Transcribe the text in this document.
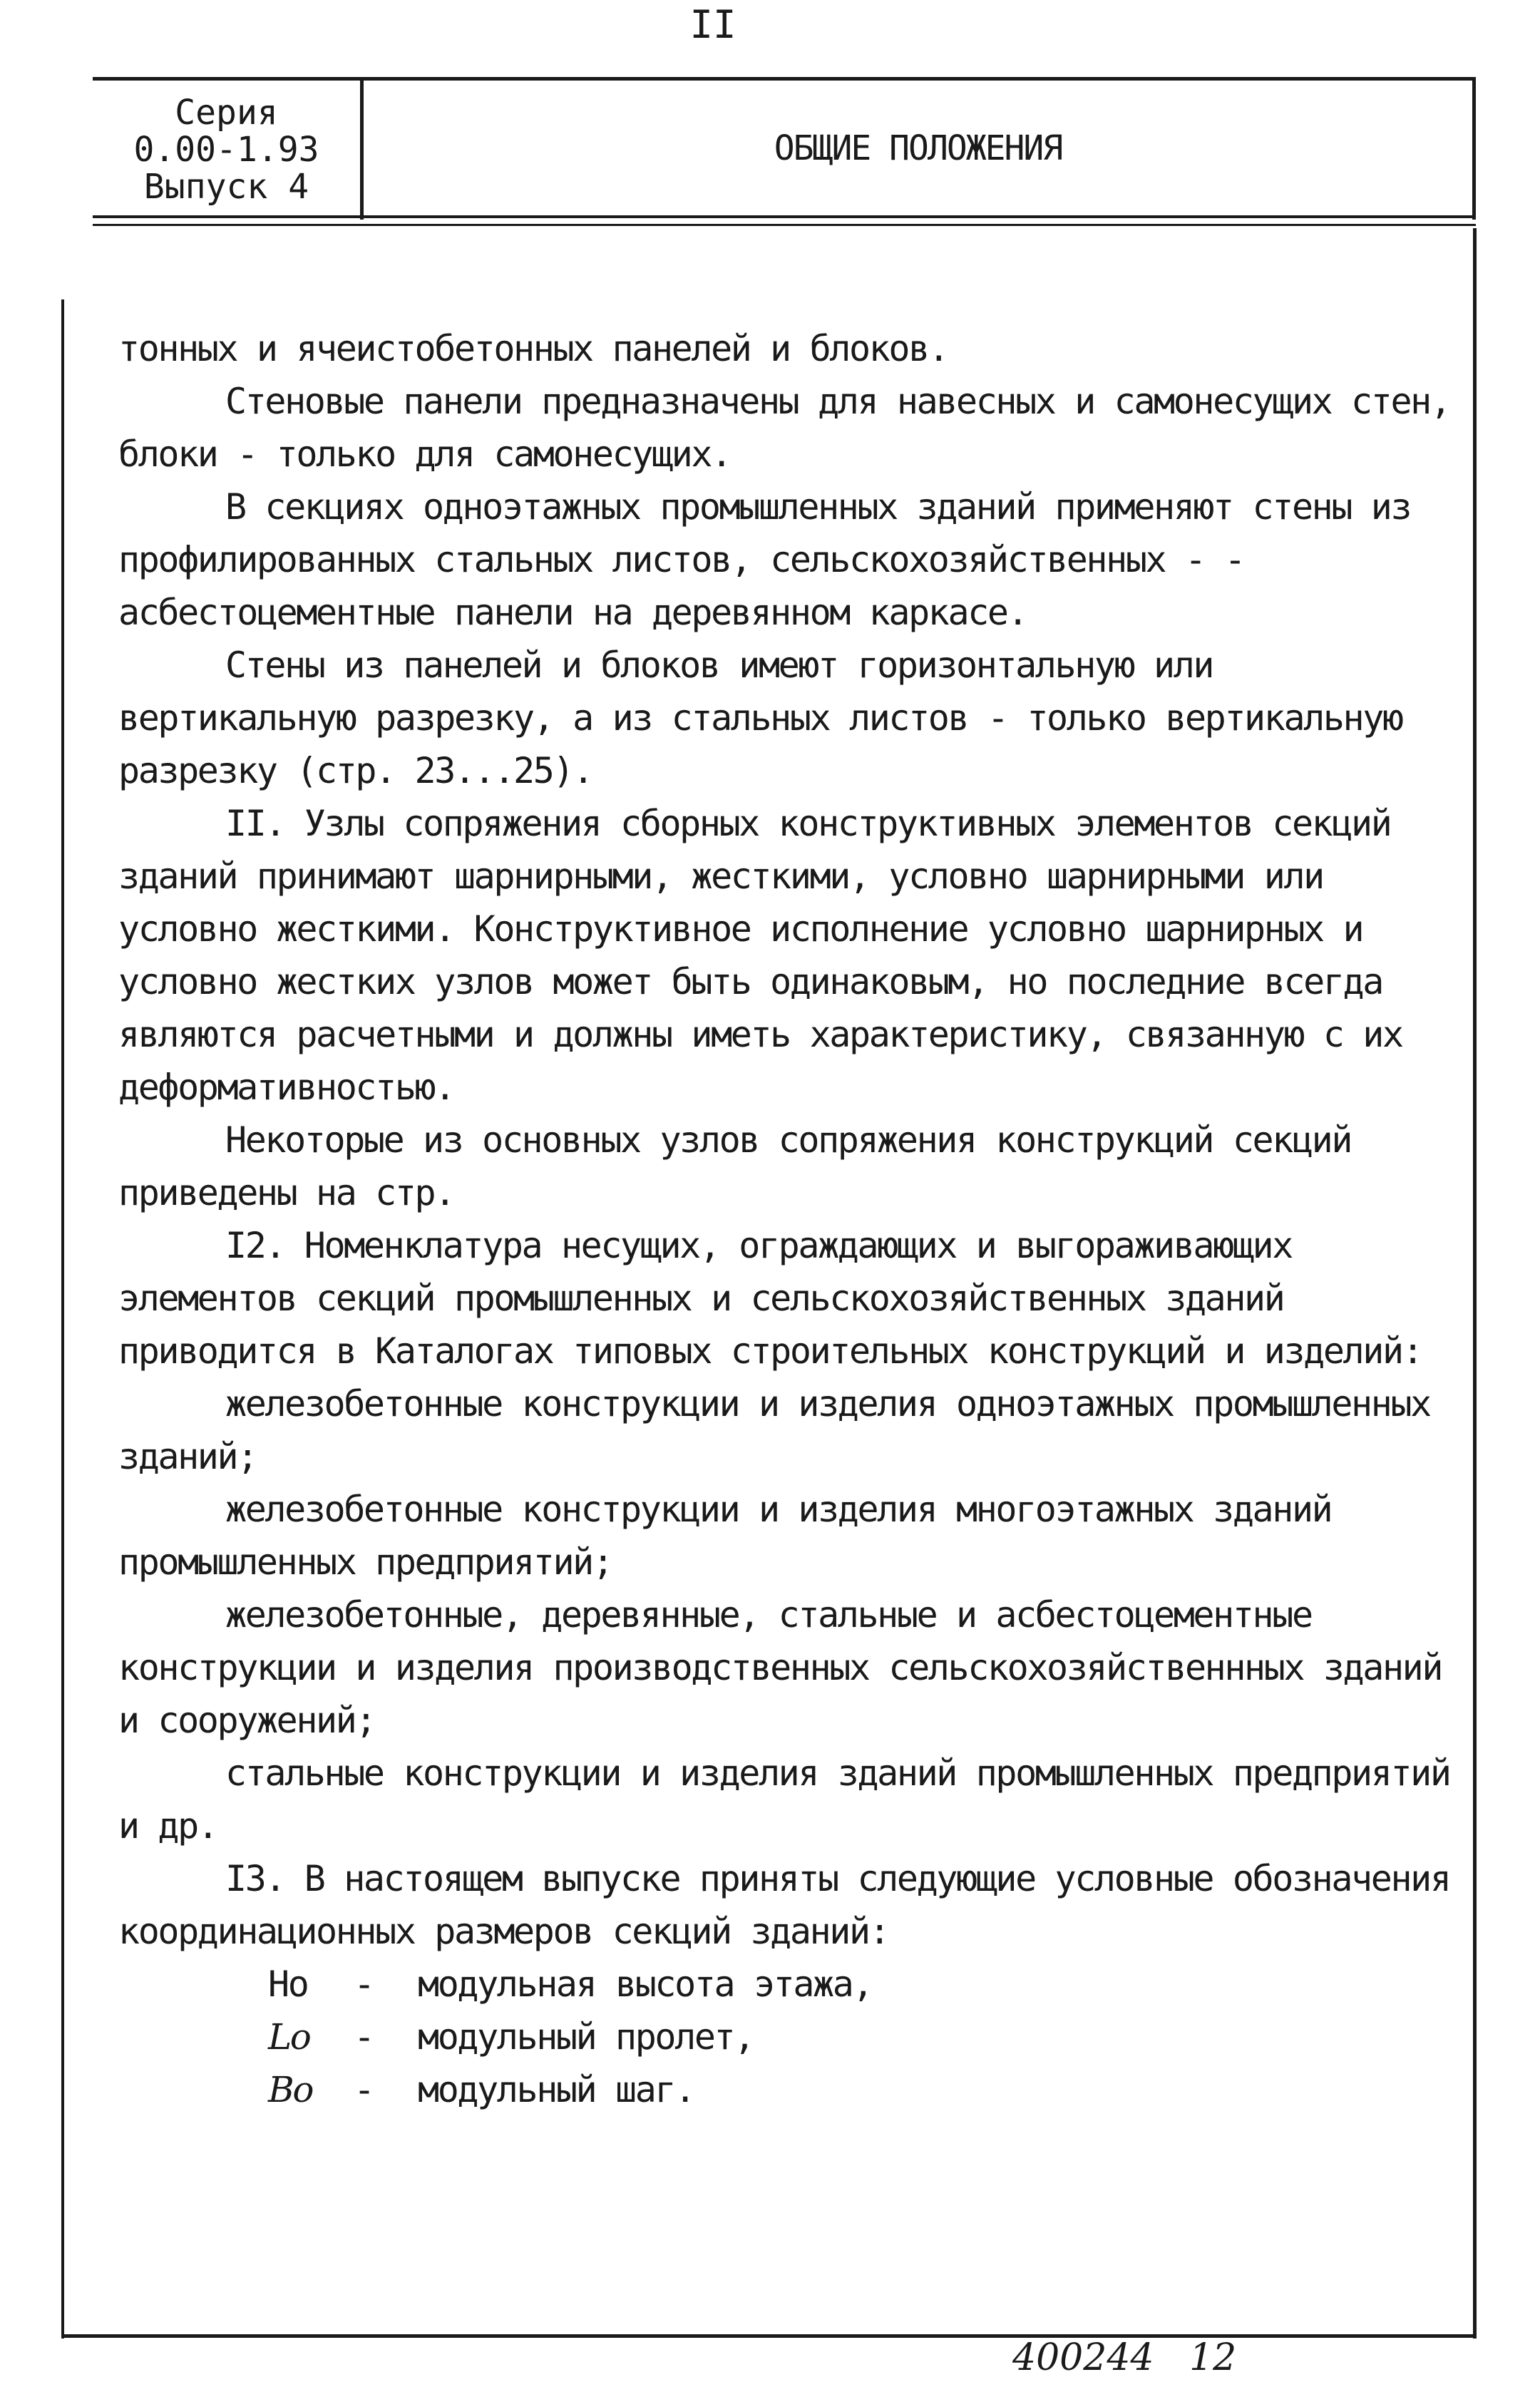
II
Серия
0.00-1.93
Выпуск 4
ОБЩИЕ ПОЛОЖЕНИЯ

тонных и ячеистобетонных панелей и блоков.

Стеновые панели предназначены для навесных и самонесущих стен, блоки - только для самонесущих.

В секциях одноэтажных промышленных зданий применяют стены из профилированных стальных листов, сельскохозяйственных - - асбестоцементные панели на деревянном каркасе.

Стены из панелей и блоков имеют горизонтальную или вертикальную разрезку, а из стальных листов - только вертикальную разрезку (стр. 23...25).

II. Узлы сопряжения сборных конструктивных элементов секций зданий принимают шарнирными, жесткими, условно шарнирными или условно жесткими. Конструктивное исполнение условно шарнирных и условно жестких узлов может быть одинаковым, но последние всегда являются расчетными и должны иметь характеристику, связанную с их деформативностью.

Некоторые из основных узлов сопряжения конструкций секций приведены на стр.

I2. Номенклатура несущих, ограждающих и выгораживающих элементов секций промышленных и сельскохозяйственных зданий приводится в Каталогах типовых строительных конструкций и изделий:

железобетонные конструкции и изделия одноэтажных промышленных зданий;

железобетонные конструкции и изделия многоэтажных зданий промышленных предприятий;

железобетонные, деревянные, стальные и асбестоцементные конструкции и изделия производственных сельскохозяйственнных зданий и сооружений;

стальные конструкции и изделия зданий промышленных предприятий и др.

I3. В настоящем выпуске приняты следующие условные обозначения координационных размеров секций зданий:

Но - модульная высота этажа,

Lo - модульный пролет,

Bo - модульный шаг.

400244   12
